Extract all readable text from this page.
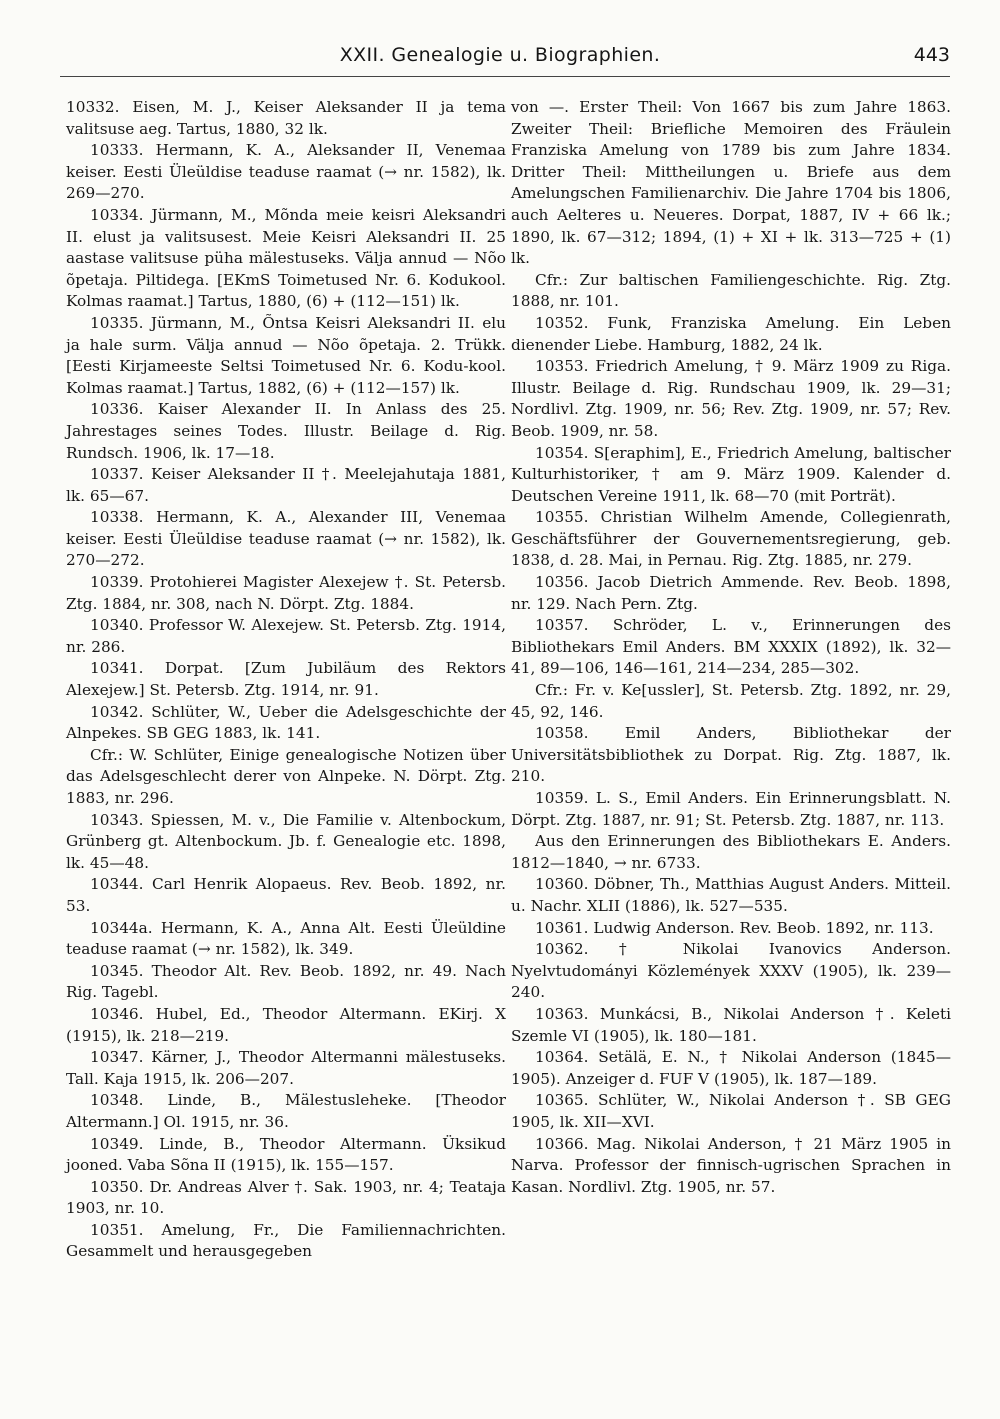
XXII. Genealogie u. Biographien.	443

10332. Eisen, M. J., Keiser Aleksander II ja tema valitsuse aeg. Tartus, 1880, 32 lk.

10333. Hermann, K. A., Aleksander II, Venemaa keiser. Eesti Üleüldise teaduse raamat (→ nr. 1582), lk. 269—270.

10334. Jürmann, M., Mõnda meie keisri Aleksandri II. elust ja valitsusest. Meie Keisri Aleksandri II. 25 aastase valitsuse püha mälestuseks. Välja annud — Nõo õpetaja. Piltidega. [EKmS Toimetused Nr. 6. Kodukool. Kolmas raamat.] Tartus, 1880, (6) + (112—151) lk.

10335. Jürmann, M., Õntsa Keisri Aleksandri II. elu ja hale surm. Välja annud — Nõo õpetaja. 2. Trükk. [Eesti Kirjameeste Seltsi Toimetused Nr. 6. Kodu-kool. Kolmas raamat.] Tartus, 1882, (6) + (112—157) lk.

10336. Kaiser Alexander II. In Anlass des 25. Jahrestages seines Todes. Illustr. Beilage d. Rig. Rundsch. 1906, lk. 17—18.

10337. Keiser Aleksander II †. Meelejahutaja 1881, lk. 65—67.

10338. Hermann, K. A., Alexander III, Venemaa keiser. Eesti Üleüldise teaduse raamat (→ nr. 1582), lk. 270—272.

10339. Protohierei Magister Alexejew †. St. Petersb. Ztg. 1884, nr. 308, nach N. Dörpt. Ztg. 1884.

10340. Professor W. Alexejew. St. Petersb. Ztg. 1914, nr. 286.

10341. Dorpat. [Zum Jubiläum des Rektors Alexejew.] St. Petersb. Ztg. 1914, nr. 91.

10342. Schlüter, W., Ueber die Adelsgeschichte der Alnpekes. SB GEG 1883, lk. 141.

Cfr.: W. Schlüter, Einige genealogische Notizen über das Adelsgeschlecht derer von Alnpeke. N. Dörpt. Ztg. 1883, nr. 296.

10343. Spiessen, M. v., Die Familie v. Altenbockum, Grünberg gt. Altenbockum. Jb. f. Genealogie etc. 1898, lk. 45—48.

10344. Carl Henrik Alopaeus. Rev. Beob. 1892, nr. 53.

10344a. Hermann, K. A., Anna Alt. Eesti Üleüldine teaduse raamat (→ nr. 1582), lk. 349.

10345. Theodor Alt. Rev. Beob. 1892, nr. 49. Nach Rig. Tagebl.

10346. Hubel, Ed., Theodor Altermann. EKirj. X (1915), lk. 218—219.

10347. Kärner, J., Theodor Altermanni mälestuseks. Tall. Kaja 1915, lk. 206—207.

10348. Linde, B., Mälestusleheke. [Theodor Altermann.] Ol. 1915, nr. 36.

10349. Linde, B., Theodor Altermann. Üksikud jooned. Vaba Sõna II (1915), lk. 155—157.

10350. Dr. Andreas Alver †. Sak. 1903, nr. 4; Teataja 1903, nr. 10.

10351. Amelung, Fr., Die Familiennachrichten. Gesammelt und herausgegeben

von —. Erster Theil: Von 1667 bis zum Jahre 1863. Zweiter Theil: Briefliche Memoiren des Fräulein Franziska Amelung von 1789 bis zum Jahre 1834. Dritter Theil: Mittheilungen u. Briefe aus dem Amelungschen Familienarchiv. Die Jahre 1704 bis 1806, auch Aelteres u. Neueres. Dorpat, 1887, IV + 66 lk.; 1890, lk. 67—312; 1894, (1) + XI + lk. 313—725 + (1) lk.

Cfr.: Zur baltischen Familiengeschichte. Rig. Ztg. 1888, nr. 101.

10352. Funk, Franziska Amelung. Ein Leben dienender Liebe. Hamburg, 1882, 24 lk.

10353. Friedrich Amelung, † 9. März 1909 zu Riga. Illustr. Beilage d. Rig. Rundschau 1909, lk. 29—31; Nordlivl. Ztg. 1909, nr. 56; Rev. Ztg. 1909, nr. 57; Rev. Beob. 1909, nr. 58.

10354. S[eraphim], E., Friedrich Amelung, baltischer Kulturhistoriker, † am 9. März 1909. Kalender d. Deutschen Vereine 1911, lk. 68—70 (mit Porträt).

10355. Christian Wilhelm Amende, Collegienrath, Geschäftsführer der Gouvernementsregierung, geb. 1838, d. 28. Mai, in Pernau. Rig. Ztg. 1885, nr. 279.

10356. Jacob Dietrich Ammende. Rev. Beob. 1898, nr. 129. Nach Pern. Ztg.

10357. Schröder, L. v., Erinnerungen des Bibliothekars Emil Anders. BM XXXIX (1892), lk. 32—41, 89—106, 146—161, 214—234, 285—302.

Cfr.: Fr. v. Ke[ussler], St. Petersb. Ztg. 1892, nr. 29, 45, 92, 146.

10358. Emil Anders, Bibliothekar der Universitätsbibliothek zu Dorpat. Rig. Ztg. 1887, lk. 210.

10359. L. S., Emil Anders. Ein Erinnerungsblatt. N. Dörpt. Ztg. 1887, nr. 91; St. Petersb. Ztg. 1887, nr. 113.

Aus den Erinnerungen des Bibliothekars E. Anders. 1812—1840, → nr. 6733.

10360. Döbner, Th., Matthias August Anders. Mitteil. u. Nachr. XLII (1886), lk. 527—535.

10361. Ludwig Anderson. Rev. Beob. 1892, nr. 113.

10362. † Nikolai Ivanovics Anderson. Nyelvtudományi Közlemények XXXV (1905), lk. 239—240.

10363. Munkácsi, B., Nikolai Anderson †. Keleti Szemle VI (1905), lk. 180—181.

10364. Setälä, E. N., † Nikolai Anderson (1845—1905). Anzeiger d. FUF V (1905), lk. 187—189.

10365. Schlüter, W., Nikolai Anderson †. SB GEG 1905, lk. XII—XVI.

10366. Mag. Nikolai Anderson, † 21 März 1905 in Narva. Professor der finnisch-ugrischen Sprachen in Kasan. Nordlivl. Ztg. 1905, nr. 57.
